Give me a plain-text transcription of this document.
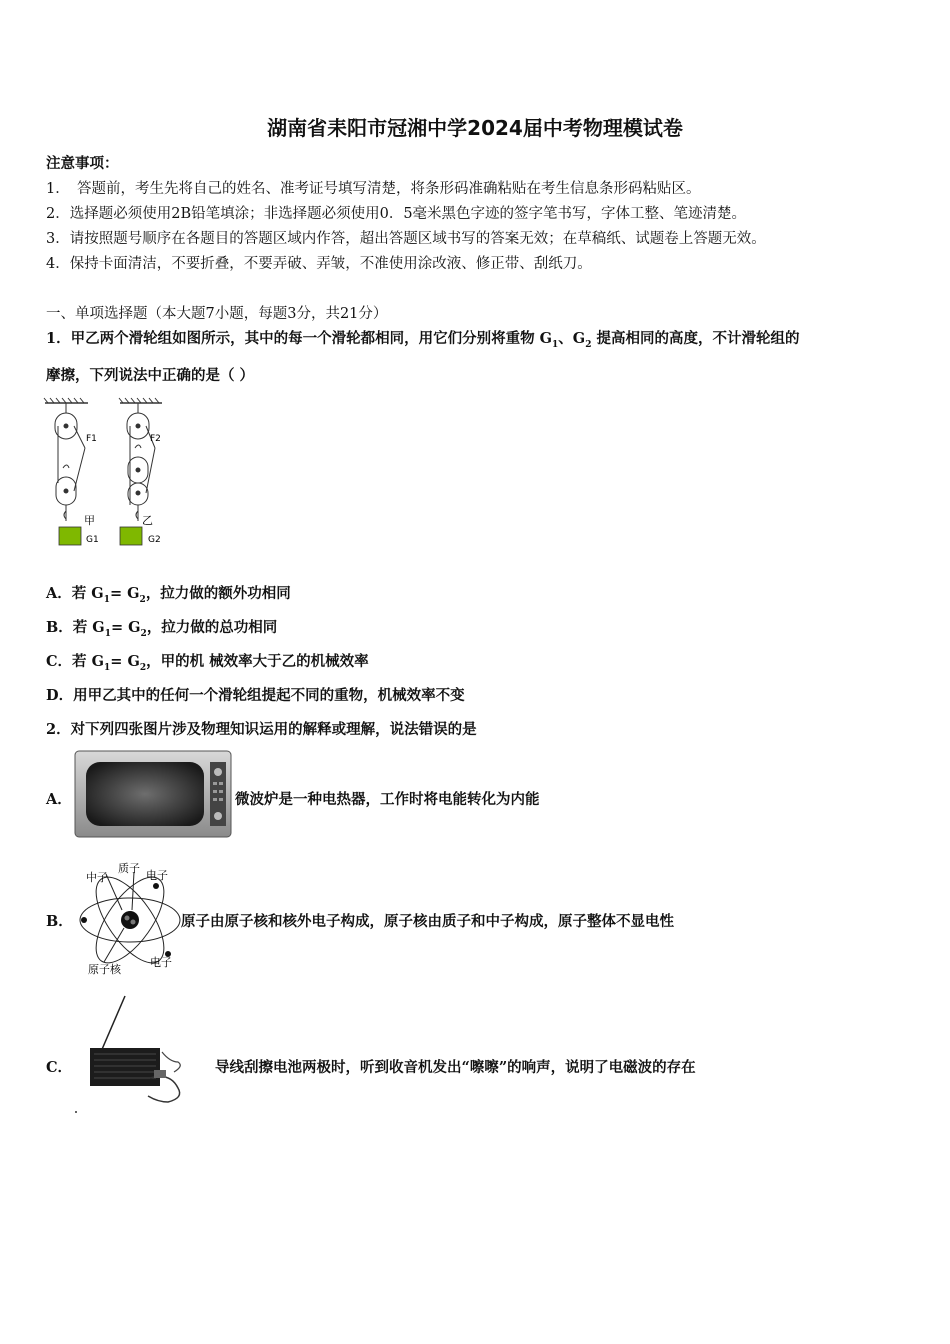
湖南省耒阳市冠湘中学2024届中考物理模试卷
注意事项：
1．　答题前，考生先将自己的姓名、准考证号填写清楚，将条形码准确粘贴在考生信息条形码粘贴区。
2．选择题必须使用2B铅笔填涂；非选择题必须使用0．5毫米黑色字迹的签字笔书写，字体工整、笔迹清楚。
3．请按照题号顺序在各题目的答题区域内作答，超出答题区域书写的答案无效；在草稿纸、试题卷上答题无效。
4．保持卡面清洁，不要折叠，不要弄破、弄皱，不准使用涂改液、修正带、刮纸刀。
一、单项选择题（本大题7小题，每题3分，共21分）
1．甲乙两个滑轮组如图所示，其中的每一个滑轮都相同，用它们分别将重物 $G_1$、$G_2$ 提高相同的高度，不计滑轮组的
摩擦，下列说法中正确的是（ ）
F1	F2
甲	乙
G1	G2
A．若 $G_1= G_2$，拉力做的额外功相同
B．若 $G_1= G_2$，拉力做的总功相同
C．若 $G_1= G_2$，甲的机 械效率大于乙的机械效率
D．用甲乙其中的任何一个滑轮组提起不同的重物，机械效率不变
2．对下列四张图片涉及物理知识运用的解释或理解，说法错误的是
A．	微波炉是一种电热器，工作时将电能转化为内能
B．
中子
质子
电子
原子核
电子
原子由原子核和核外电子构成，原子核由质子和中子构成，原子整体不显电性
C．	导线刮擦电池两极时，听到收音机发出“嚓嚓”的响声，说明了电磁波的存在
